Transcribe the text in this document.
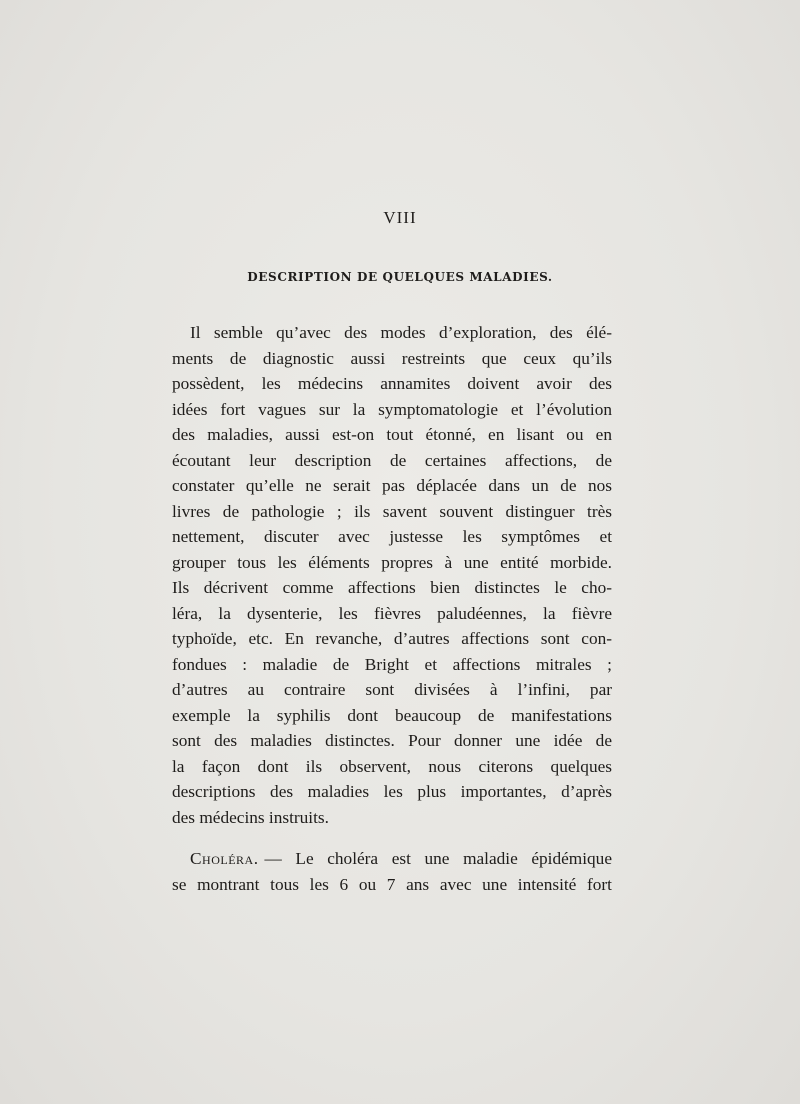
VIII
DESCRIPTION DE QUELQUES MALADIES.
Il semble qu’avec des modes d’exploration, des élé-
ments de diagnostic aussi restreints que ceux qu’ils
possèdent, les médecins annamites doivent avoir des
idées fort vagues sur la symptomatologie et l’évolution
des maladies, aussi est-on tout étonné, en lisant ou en
écoutant leur description de certaines affections, de
constater qu’elle ne serait pas déplacée dans un de nos
livres de pathologie ; ils savent souvent distinguer très
nettement, discuter avec justesse les symptômes et
grouper tous les éléments propres à une entité morbide.
Ils décrivent comme affections bien distinctes le cho-
léra, la dysenterie, les fièvres paludéennes, la fièvre
typhoïde, etc. En revanche, d’autres affections sont con-
fondues : maladie de Bright et affections mitrales ;
d’autres au contraire sont divisées à l’infini, par
exemple la syphilis dont beaucoup de manifestations
sont des maladies distinctes. Pour donner une idée de
la façon dont ils observent, nous citerons quelques
descriptions des maladies les plus importantes, d’après
des médecins instruits.
Choléra. — Le choléra est une maladie épidémique
se montrant tous les 6 ou 7 ans avec une intensité fort
